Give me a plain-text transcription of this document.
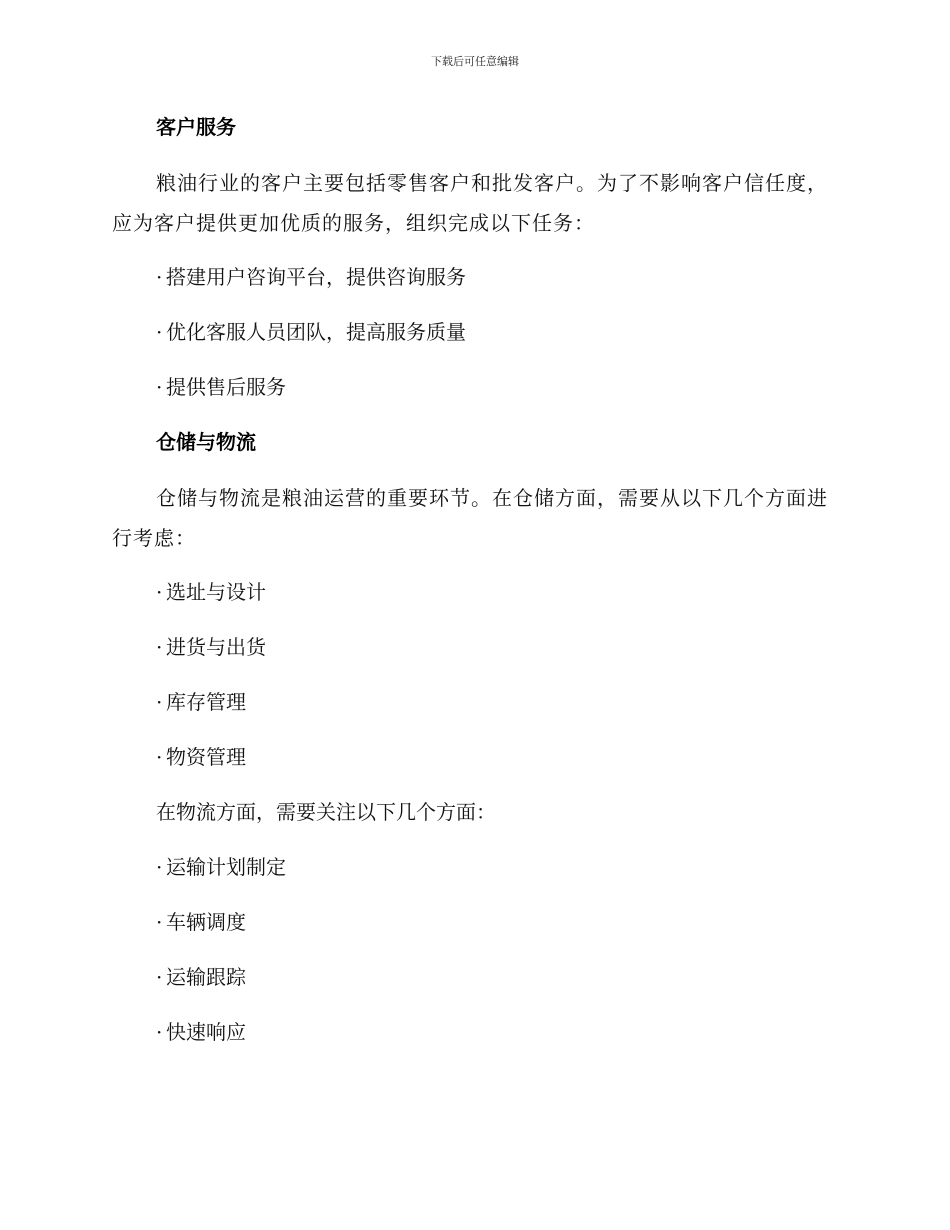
下载后可任意编辑
客户服务

粮油行业的客户主要包括零售客户和批发客户。为了不影响客户信任度，应为客户提供更加优质的服务，组织完成以下任务：

· 搭建用户咨询平台，提供咨询服务

· 优化客服人员团队，提高服务质量

· 提供售后服务

仓储与物流

仓储与物流是粮油运营的重要环节。在仓储方面，需要从以下几个方面进行考虑：

· 选址与设计

· 进货与出货

· 库存管理

· 物资管理

在物流方面，需要关注以下几个方面：

· 运输计划制定

· 车辆调度

· 运输跟踪

· 快速响应
